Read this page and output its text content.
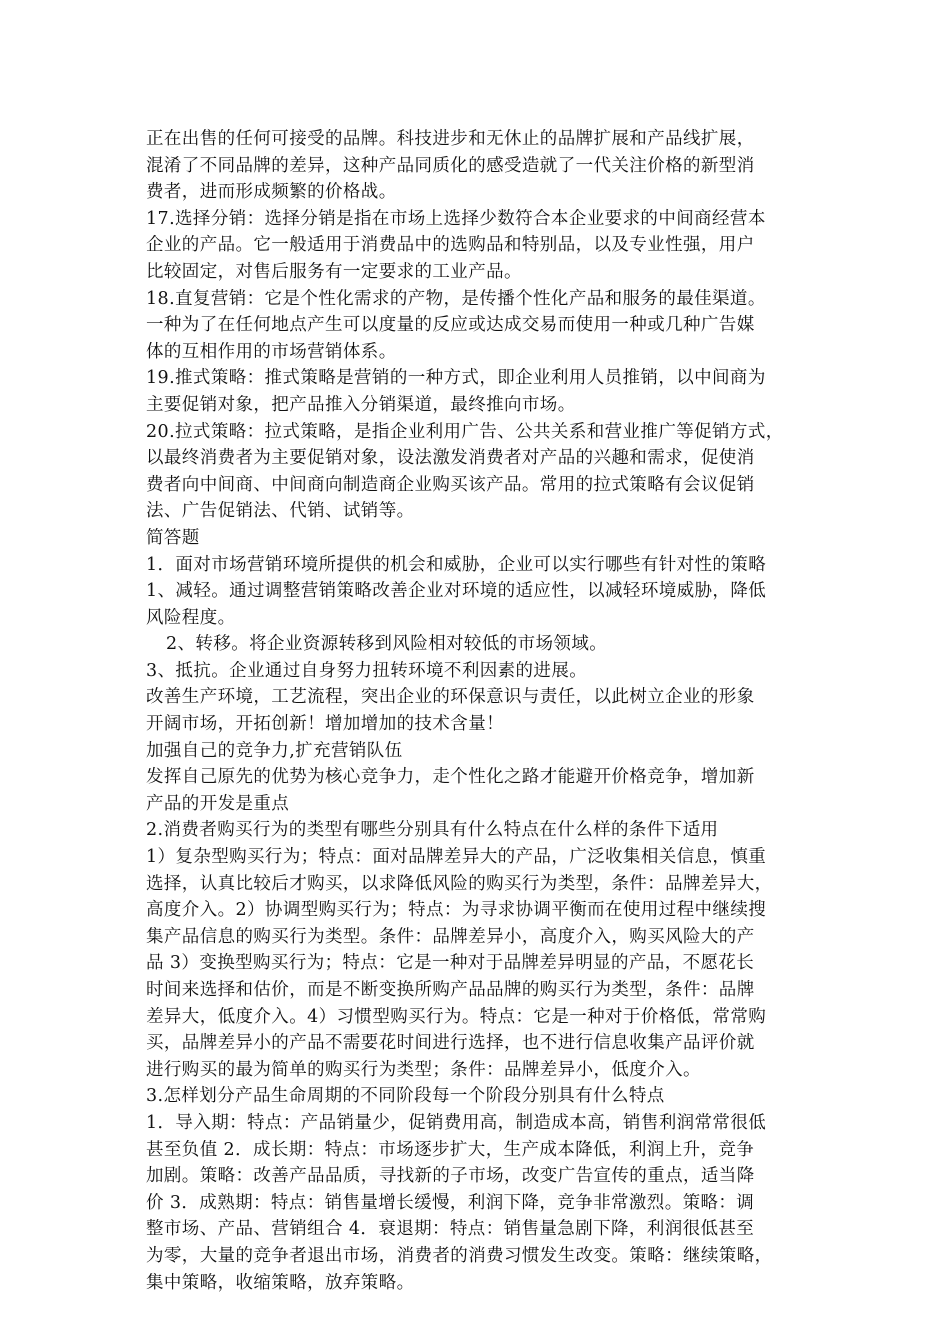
正在出售的任何可接受的品牌。科技进步和无休止的品牌扩展和产品线扩展，
混淆了不同品牌的差异，这种产品同质化的感受造就了一代关注价格的新型消
费者，进而形成频繁的价格战。
17.选择分销：选择分销是指在市场上选择少数符合本企业要求的中间商经营本
企业的产品。它一般适用于消费品中的选购品和特别品，以及专业性强，用户
比较固定，对售后服务有一定要求的工业产品。
18.直复营销：它是个性化需求的产物，是传播个性化产品和服务的最佳渠道。
一种为了在任何地点产生可以度量的反应或达成交易而使用一种或几种广告媒
体的互相作用的市场营销体系。
19.推式策略：推式策略是营销的一种方式，即企业利用人员推销，以中间商为
主要促销对象，把产品推入分销渠道，最终推向市场。
20.拉式策略：拉式策略，是指企业利用广告、公共关系和营业推广等促销方式，
以最终消费者为主要促销对象，设法激发消费者对产品的兴趣和需求，促使消
费者向中间商、中间商向制造商企业购买该产品。常用的拉式策略有会议促销
法、广告促销法、代销、试销等。
简答题
1．面对市场营销环境所提供的机会和威胁，企业可以实行哪些有针对性的策略
1、减轻。通过调整营销策略改善企业对环境的适应性，以减轻环境威胁，降低
风险程度。
2、转移。将企业资源转移到风险相对较低的市场领域。
3、抵抗。企业通过自身努力扭转环境不利因素的进展。
改善生产环境，工艺流程，突出企业的环保意识与责任，以此树立企业的形象
开阔市场，开拓创新！增加增加的技术含量！
加强自己的竞争力,扩充营销队伍
发挥自己原先的优势为核心竞争力，走个性化之路才能避开价格竞争，增加新
产品的开发是重点
2.消费者购买行为的类型有哪些分别具有什么特点在什么样的条件下适用
1）复杂型购买行为；特点：面对品牌差异大的产品，广泛收集相关信息，慎重
选择，认真比较后才购买，以求降低风险的购买行为类型，条件：品牌差异大，
高度介入。2）协调型购买行为；特点：为寻求协调平衡而在使用过程中继续搜
集产品信息的购买行为类型。条件：品牌差异小，高度介入，购买风险大的产
品 3）变换型购买行为；特点：它是一种对于品牌差异明显的产品，不愿花长
时间来选择和估价，而是不断变换所购产品品牌的购买行为类型，条件：品牌
差异大，低度介入。4）习惯型购买行为。特点：它是一种对于价格低，常常购
买，品牌差异小的产品不需要花时间进行选择，也不进行信息收集产品评价就
进行购买的最为简单的购买行为类型；条件：品牌差异小，低度介入。
3.怎样划分产品生命周期的不同阶段每一个阶段分别具有什么特点
1．导入期：特点：产品销量少，促销费用高，制造成本高，销售利润常常很低
甚至负值 2．成长期：特点：市场逐步扩大，生产成本降低，利润上升，竞争
加剧。策略：改善产品品质，寻找新的子市场，改变广告宣传的重点，适当降
价 3．成熟期：特点：销售量增长缓慢，利润下降，竞争非常激烈。策略：调
整市场、产品、营销组合 4．衰退期：特点：销售量急剧下降，利润很低甚至
为零，大量的竞争者退出市场，消费者的消费习惯发生改变。策略：继续策略，
集中策略，收缩策略，放弃策略。
